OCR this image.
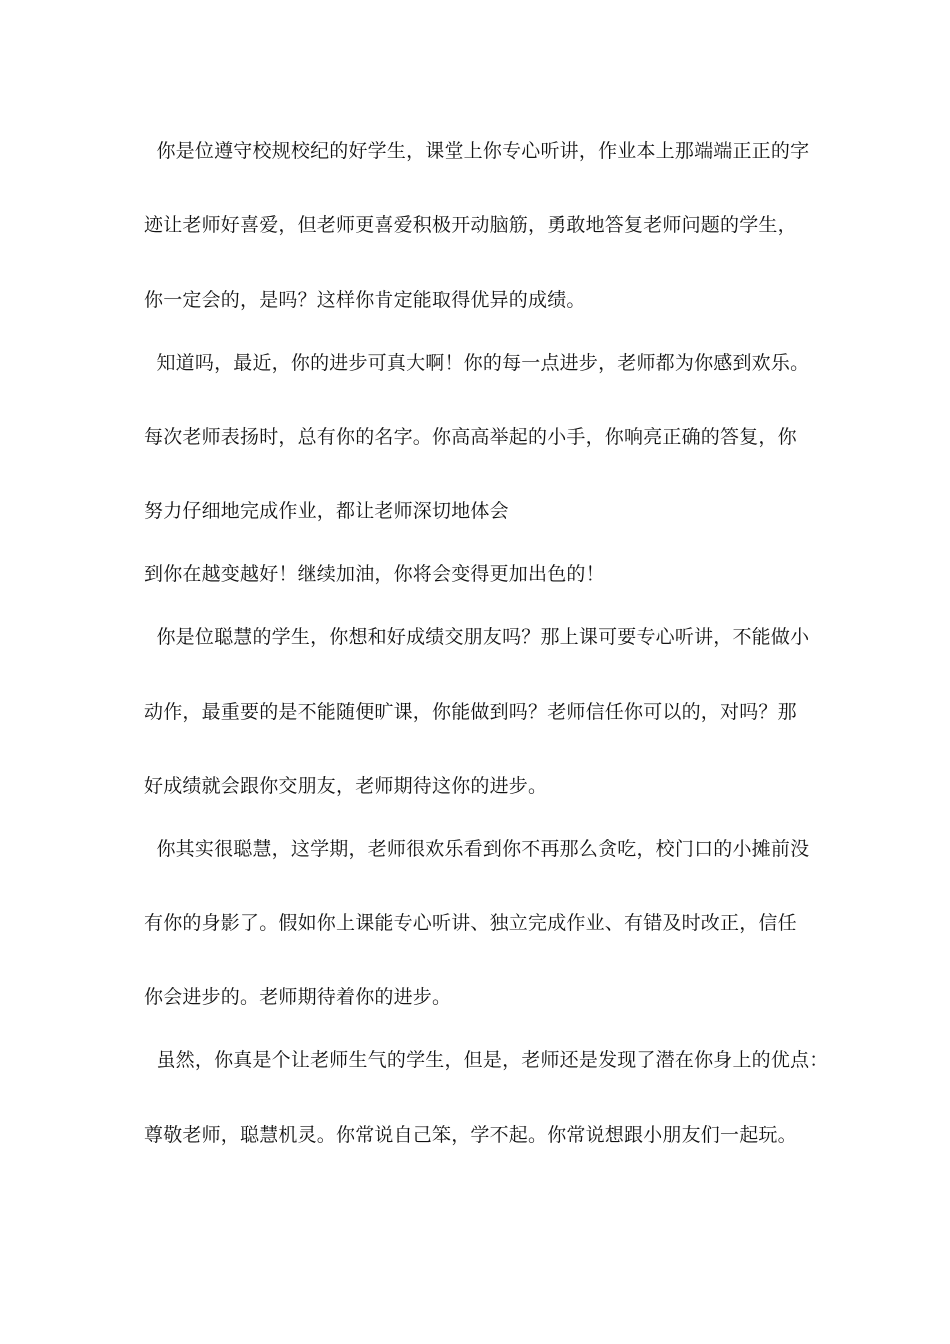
你是位遵守校规校纪的好学生，课堂上你专心听讲，作业本上那端端正正的字
迹让老师好喜爱，但老师更喜爱积极开动脑筋，勇敢地答复老师问题的学生，
你一定会的，是吗？这样你肯定能取得优异的成绩。
知道吗，最近，你的进步可真大啊！你的每一点进步，老师都为你感到欢乐。
每次老师表扬时，总有你的名字。你高高举起的小手，你响亮正确的答复，你
努力仔细地完成作业，都让老师深切地体会
到你在越变越好！继续加油，你将会变得更加出色的！
你是位聪慧的学生，你想和好成绩交朋友吗？那上课可要专心听讲，不能做小
动作，最重要的是不能随便旷课，你能做到吗？老师信任你可以的，对吗？那
好成绩就会跟你交朋友，老师期待这你的进步。
你其实很聪慧，这学期，老师很欢乐看到你不再那么贪吃，校门口的小摊前没
有你的身影了。假如你上课能专心听讲、独立完成作业、有错及时改正，信任
你会进步的。老师期待着你的进步。
虽然，你真是个让老师生气的学生，但是，老师还是发现了潜在你身上的优点：
尊敬老师，聪慧机灵。你常说自己笨，学不起。你常说想跟小朋友们一起玩。
